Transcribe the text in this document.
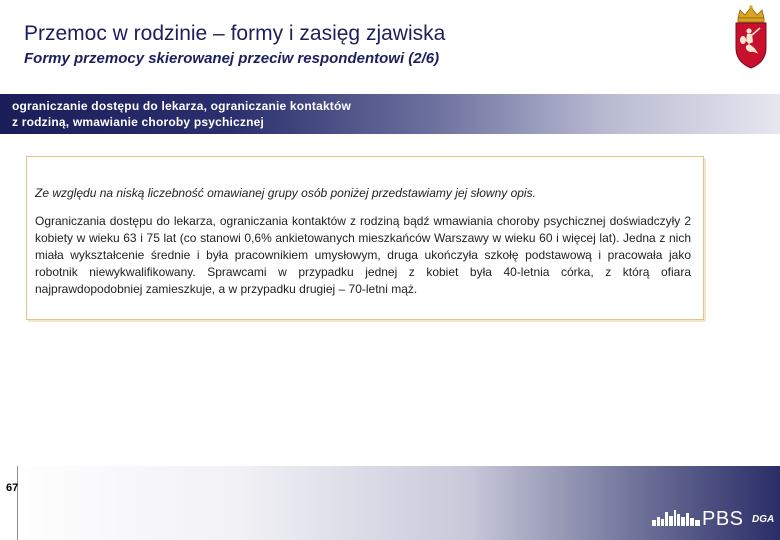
Przemoc w rodzinie – formy i zasięg zjawiska
Formy przemocy skierowanej przeciw respondentowi (2/6)
ograniczanie dostępu do lekarza, ograniczanie kontaktów
z rodziną, wmawianie choroby psychicznej
Ze względu na niską liczebność omawianej grupy osób poniżej przedstawiamy jej słowny opis.
Ograniczania dostępu do lekarza, ograniczania kontaktów z rodziną bądź wmawiania choroby psychicznej doświadczyły 2 kobiety w wieku 63 i 75 lat (co stanowi 0,6% ankietowanych mieszkańców Warszawy w wieku 60 i więcej lat). Jedna z nich miała wykształcenie średnie i była pracownikiem umysłowym, druga ukończyła szkołę podstawową i pracowała jako robotnik niewykwalifikowany. Sprawcami w przypadku jednej z kobiet była 40-letnia córka, z którą ofiara najprawdopodobniej zamieszkuje, a w przypadku drugiej – 70-letni mąż.
67
PBS DGA
